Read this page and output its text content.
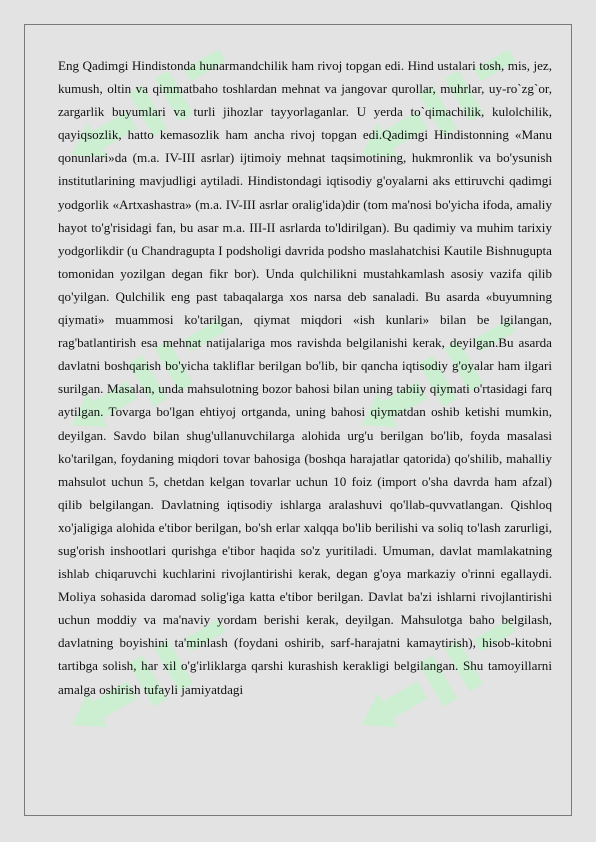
Eng Qadimgi Hindistonda hunarmandchilik ham rivoj topgan edi. Hind ustalari tosh, mis, jez, kumush, oltin va qimmatbaho toshlardan mehnat va jangovar qurollar, muhrlar, uy-ro`zg`or, zargarlik buyumlari va turli jihozlar tayyorlaganlar. U yerda to`qimachilik, kulolchilik, qayiqsozlik, hatto kemasozlik ham ancha rivoj topgan edi.Qadimgi Hindistonning «Manu qonunlari»da (m.a. IV-III asrlar) ijtimoiy mehnat taqsimotining, hukmronlik va bo'ysunish institutlarining mavjudligi aytiladi. Hindistondagi iqtisodiy g'oyalarni aks ettiruvchi qadimgi yodgorlik «Artxashastra» (m.a. IV-III asrlar oralig'ida)dir (tom ma'nosi bo'yicha ifoda, amaliy hayot to'g'risidagi fan, bu asar m.a. III-II asrlarda to'ldirilgan). Bu qadimiy va muhim tarixiy yodgorlikdir (u Chandragupta I podsholigi davrida podsho maslahatchisi Kautile Bishnugupta tomonidan yozilgan degan fikr bor). Unda qulchilikni mustahkamlash asosiy vazifa qilib qo'yilgan. Qulchilik eng past tabaqalarga xos narsa deb sanaladi. Bu asarda «buyumning qiymati» muammosi ko'tarilgan, qiymat miqdori «ish kunlari» bilan be lgilangan, rag'batlantirish esa mehnat natijalariga mos ravishda belgilanishi kerak, deyilgan.Bu asarda davlatni boshqarish bo'yicha takliflar berilgan bo'lib, bir qancha iqtisodiy g'oyalar ham ilgari surilgan. Masalan, unda mahsulotning bozor bahosi bilan uning tabiiy qiymati o'rtasidagi farq aytilgan. Tovarga bo'lgan ehtiyoj ortganda, uning bahosi qiymatdan oshib ketishi mumkin, deyilgan. Savdo bilan shug'ullanuvchilarga alohida urg'u berilgan bo'lib, foyda masalasi ko'tarilgan, foydaning miqdori tovar bahosiga (boshqa harajatlar qatorida) qo'shilib, mahalliy mahsulot uchun 5, chetdan kelgan tovarlar uchun 10 foiz (import o'sha davrda ham afzal) qilib belgilangan. Davlatning iqtisodiy ishlarga aralashuvi qo'llab-quvvatlangan. Qishloq xo'jaligiga alohida e'tibor berilgan, bo'sh erlar xalqqa bo'lib berilishi va soliq to'lash zarurligi, sug'orish inshootlari qurishga e'tibor haqida so'z yuritiladi. Umuman, davlat mamlakatning ishlab chiqaruvchi kuchlarini rivojlantirishi kerak, degan g'oya markaziy o'rinni egallaydi. Moliya sohasida daromad solig'iga katta e'tibor berilgan. Davlat ba'zi ishlarni rivojlantirishi uchun moddiy va ma'naviy yordam berishi kerak, deyilgan. Mahsulotga baho belgilash, davlatning boyishini ta'minlash (foydani oshirib, sarf-harajatni kamaytirish), hisob-kitobni tartibga solish, har xil o'g'irliklarga qarshi kurashish kerakligi belgilangan. Shu tamoyillarni amalga oshirish tufayli jamiyatdagi
